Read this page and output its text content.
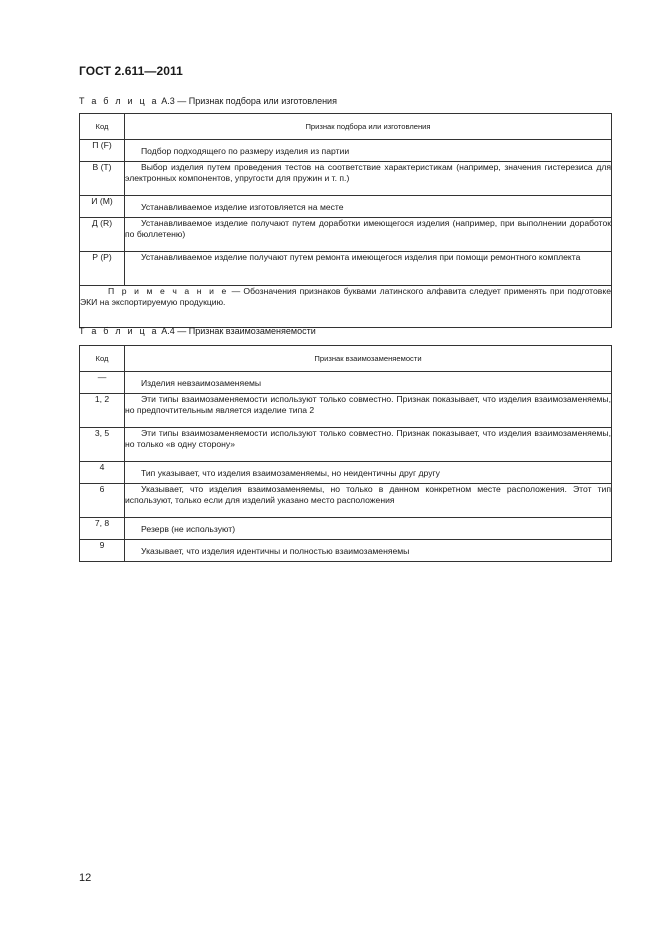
ГОСТ 2.611—2011
Т а б л и ц а А.3 — Признак подбора или изготовления
Код	Признак подбора или изготовления
П (F)	Подбор подходящего по размеру изделия из партии
В (T)	Выбор изделия путем проведения тестов на соответствие характеристикам (например, значения гистерезиса для электронных компонентов, упругости для пружин и т. п.)
И (М)	Устанавливаемое изделие изготовляется на месте
Д (R)	Устанавливаемое изделие получают путем доработки имеющегося изделия (например, при выполнении доработок по бюллетеню)
Р (Р)	Устанавливаемое изделие получают путем ремонта имеющегося изделия при помощи ремонтного комплекта
П р и м е ч а н и е — Обозначения признаков буквами латинского алфавита следует применять при подготовке ЭКИ на экспортируемую продукцию.	
Т а б л и ц а А.4 — Признак взаимозаменяемости
Код	Признак взаимозаменяемости
—	Изделия невзаимозаменяемы
1, 2	Эти типы взаимозаменяемости используют только совместно. Признак показывает, что изделия взаимозаменяемы, но предпочтительным является изделие типа 2
3, 5	Эти типы взаимозаменяемости используют только совместно. Признак показывает, что изделия взаимозаменяемы, но только «в одну сторону»
4	Тип указывает, что изделия взаимозаменяемы, но неидентичны друг другу
6	Указывает, что изделия взаимозаменяемы, но только в данном конкретном месте расположения. Этот тип используют, только если для изделий указано место расположения
7, 8	Резерв (не используют)
9	Указывает, что изделия идентичны и полностью взаимозаменяемы
12
